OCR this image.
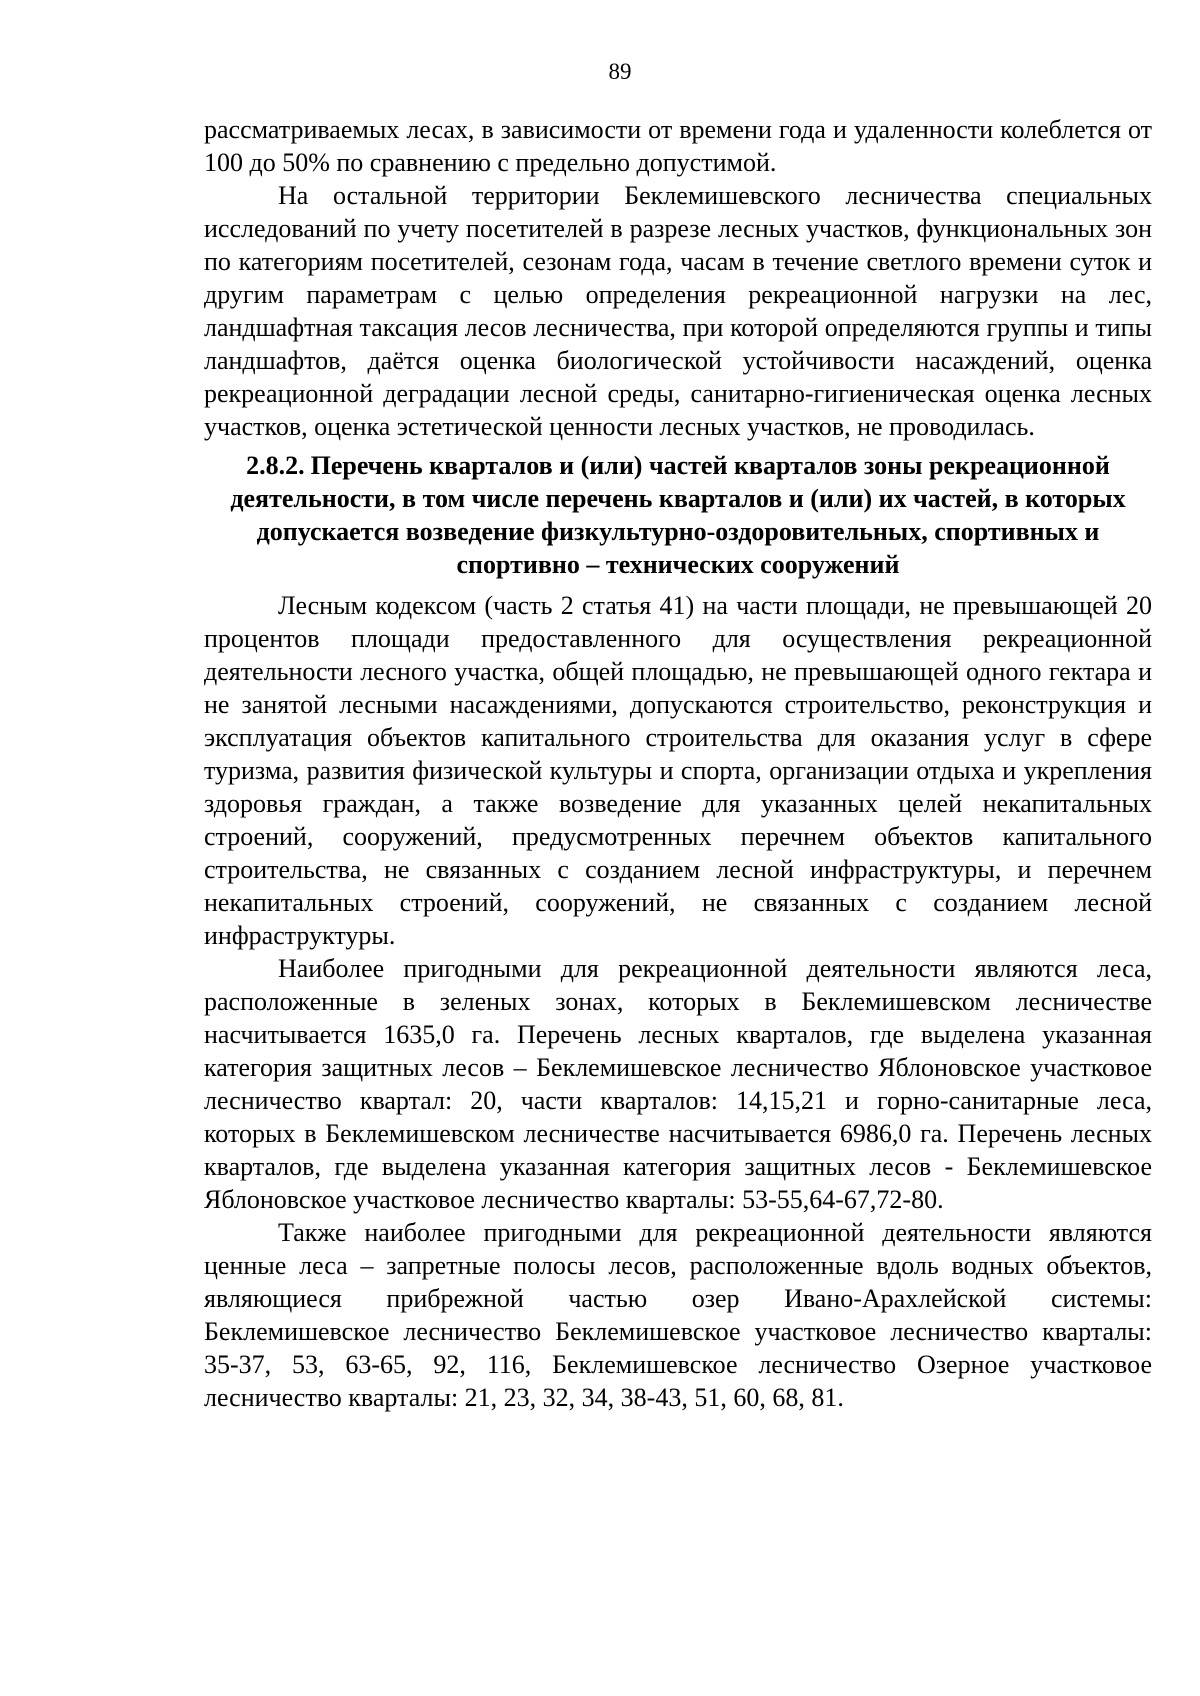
89

рассматриваемых лесах, в зависимости от времени года и удаленности колеблется от 100 до 50% по сравнению с предельно допустимой.

На остальной территории Беклемишевского лесничества специальных исследований по учету посетителей в разрезе лесных участков, функциональных зон по категориям посетителей, сезонам года, часам в течение светлого времени суток и другим параметрам с целью определения рекреационной нагрузки на лес, ландшафтная таксация лесов лесничества, при которой определяются группы и типы ландшафтов, даётся оценка биологической устойчивости насаждений, оценка рекреационной деградации лесной среды, санитарно-гигиеническая оценка лесных участков, оценка эстетической ценности лесных участков, не проводилась.

2.8.2. Перечень кварталов и (или) частей кварталов зоны рекреационной деятельности, в том числе перечень кварталов и (или) их частей, в которых допускается возведение физкультурно-оздоровительных, спортивных и спортивно – технических сооружений

Лесным кодексом (часть 2 статья 41) на части площади, не превышающей 20 процентов площади предоставленного для осуществления рекреационной деятельности лесного участка, общей площадью, не превышающей одного гектара и не занятой лесными насаждениями, допускаются строительство, реконструкция и эксплуатация объектов капитального строительства для оказания услуг в сфере туризма, развития физической культуры и спорта, организации отдыха и укрепления здоровья граждан, а также возведение для указанных целей некапитальных строений, сооружений, предусмотренных перечнем объектов капитального строительства, не связанных с созданием лесной инфраструктуры, и перечнем некапитальных строений, сооружений, не связанных с созданием лесной инфраструктуры.

Наиболее пригодными для рекреационной деятельности являются леса, расположенные в зеленых зонах, которых в Беклемишевском лесничестве насчитывается 1635,0 га. Перечень лесных кварталов, где выделена указанная категория защитных лесов – Беклемишевское лесничество Яблоновское участковое лесничество квартал: 20, части кварталов: 14,15,21 и горно-санитарные леса, которых в Беклемишевском лесничестве насчитывается 6986,0 га. Перечень лесных кварталов, где выделена указанная категория защитных лесов - Беклемишевское Яблоновское участковое лесничество кварталы: 53-55,64-67,72-80.

Также наиболее пригодными для рекреационной деятельности являются ценные леса – запретные полосы лесов, расположенные вдоль водных объектов, являющиеся прибрежной частью озер Ивано-Арахлейской системы: Беклемишевское лесничество Беклемишевское участковое лесничество кварталы: 35-37, 53, 63-65, 92, 116, Беклемишевское лесничество Озерное участковое лесничество кварталы: 21, 23, 32, 34, 38-43, 51, 60, 68, 81.
